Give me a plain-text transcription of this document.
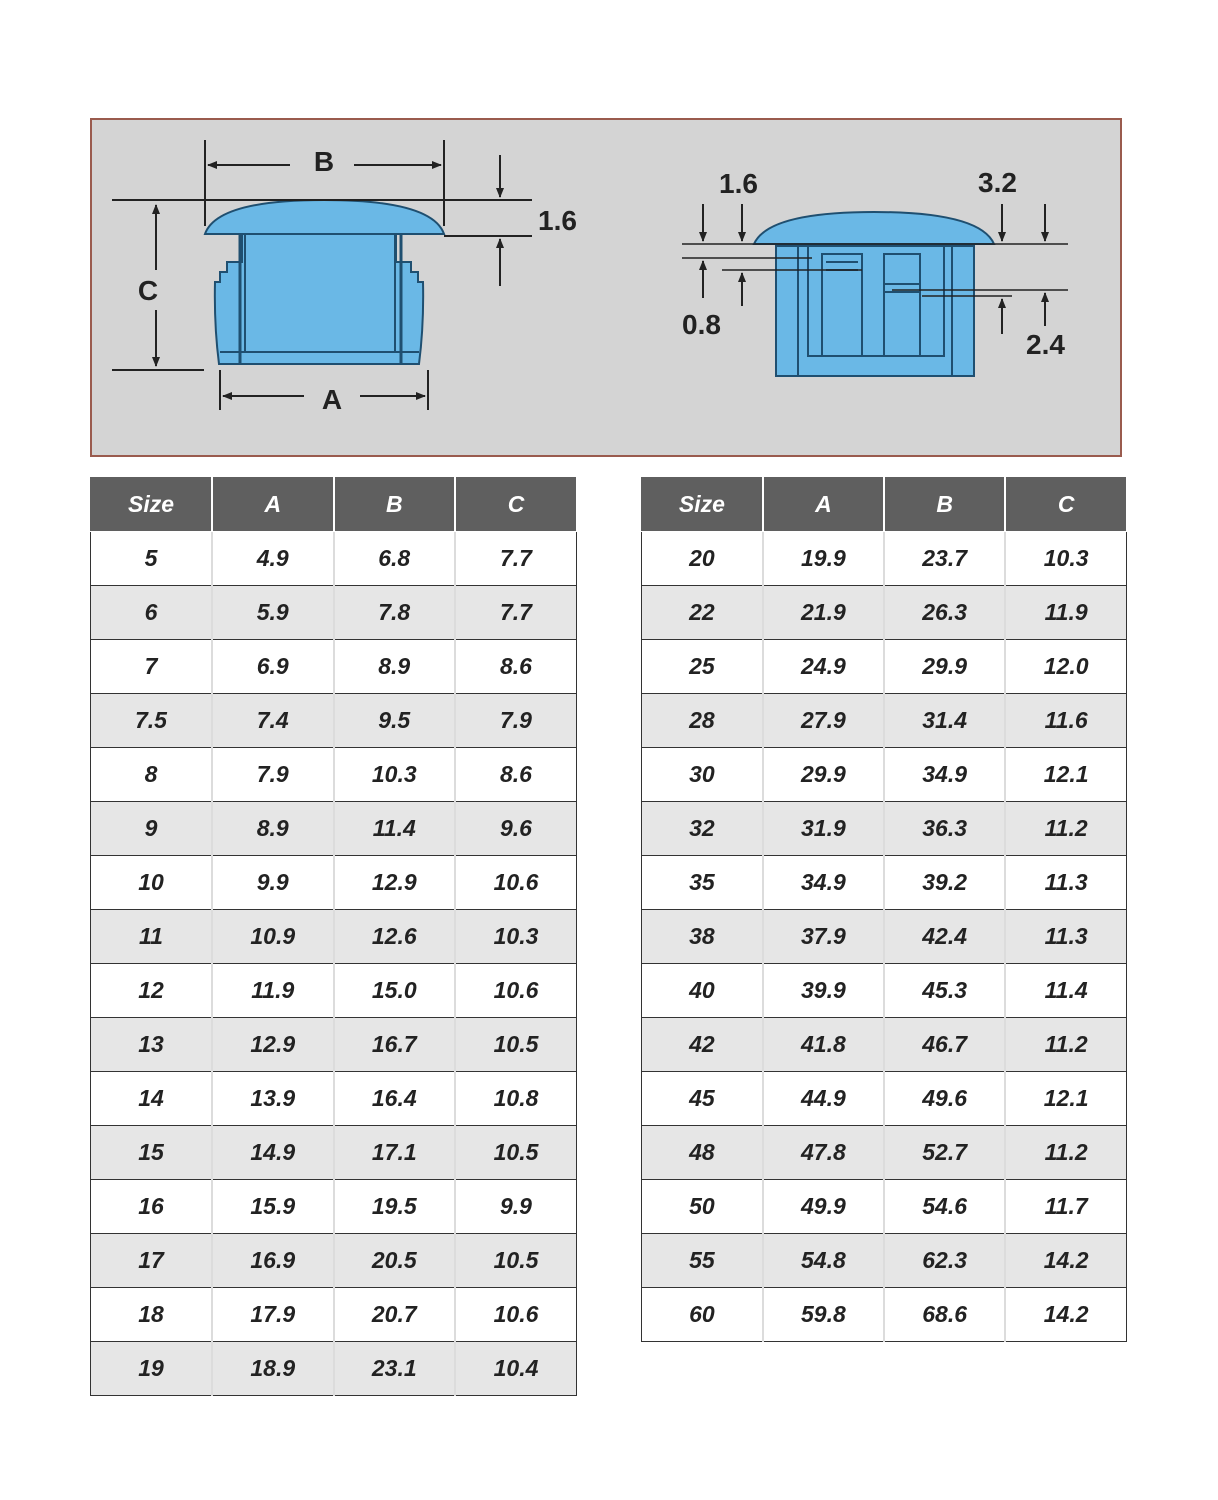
B
C
A
1.6
1.6	3.2
0.8
2.4
Size	A	B	C
5	4.9	6.8	7.7
6	5.9	7.8	7.7
7	6.9	8.9	8.6
7.5	7.4	9.5	7.9
8	7.9	10.3	8.6
9	8.9	11.4	9.6
10	9.9	12.9	10.6
11	10.9	12.6	10.3
12	11.9	15.0	10.6
13	12.9	16.7	10.5
14	13.9	16.4	10.8
15	14.9	17.1	10.5
16	15.9	19.5	9.9
17	16.9	20.5	10.5
18	17.9	20.7	10.6
19	18.9	23.1	10.4
Size	A	B	C
20	19.9	23.7	10.3
22	21.9	26.3	11.9
25	24.9	29.9	12.0
28	27.9	31.4	11.6
30	29.9	34.9	12.1
32	31.9	36.3	11.2
35	34.9	39.2	11.3
38	37.9	42.4	11.3
40	39.9	45.3	11.4
42	41.8	46.7	11.2
45	44.9	49.6	12.1
48	47.8	52.7	11.2
50	49.9	54.6	11.7
55	54.8	62.3	14.2
60	59.8	68.6	14.2
